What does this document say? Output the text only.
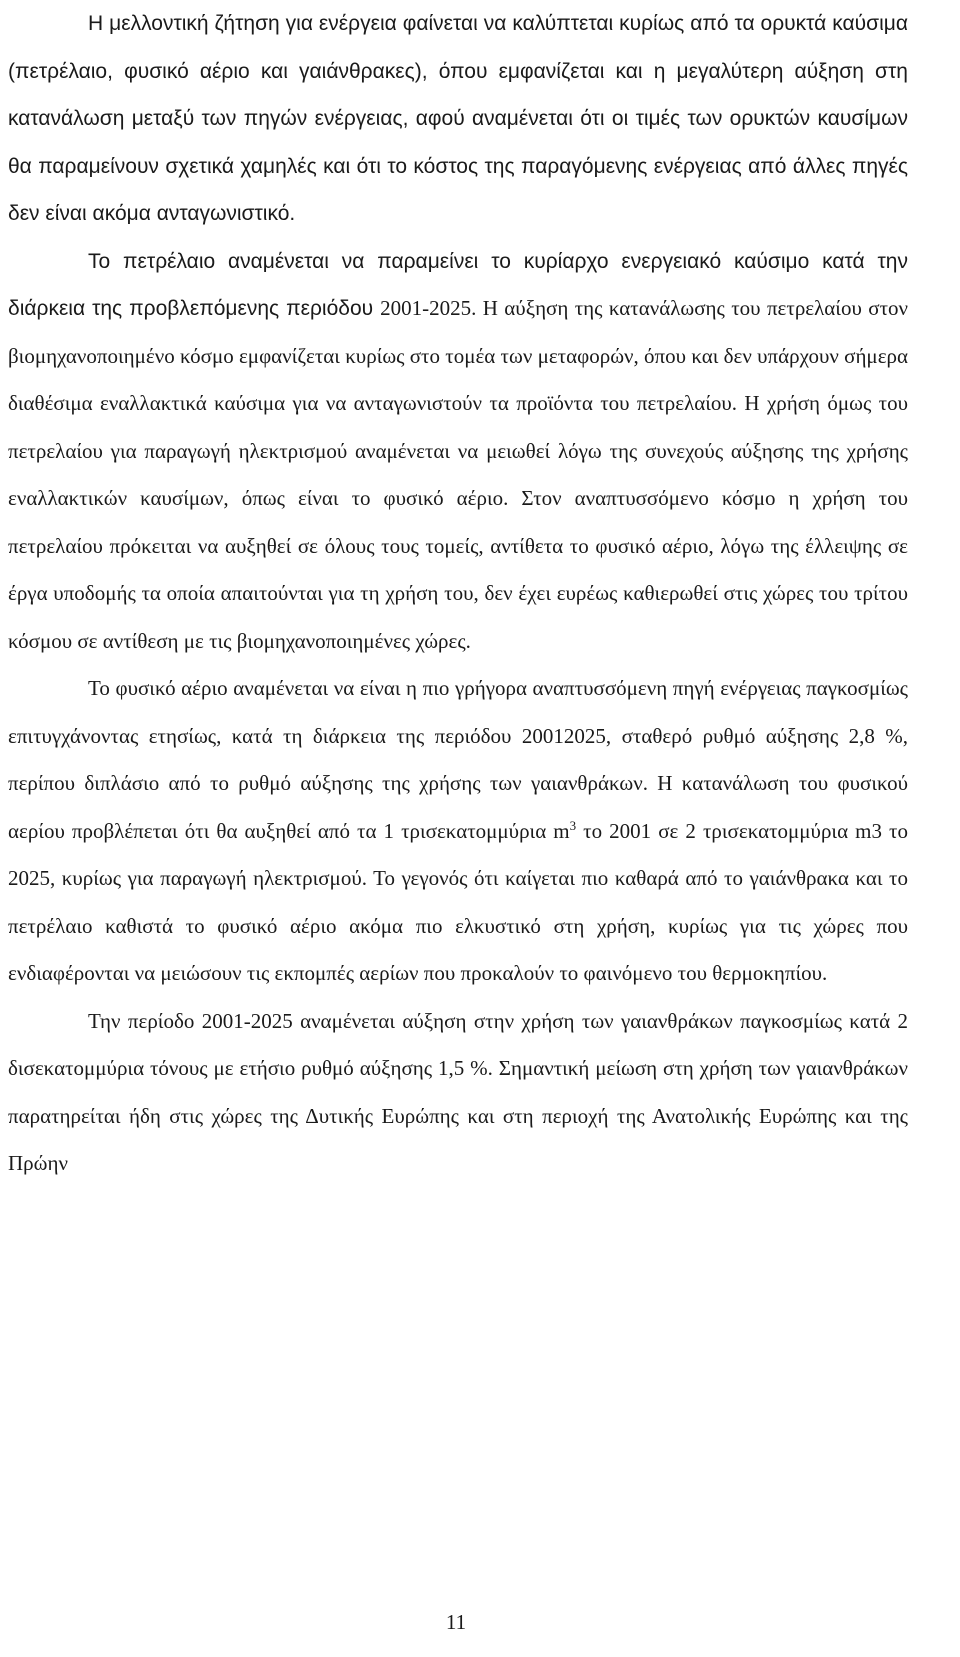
Η μελλοντική ζήτηση για ενέργεια φαίνεται να καλύπτεται κυρίως από τα ορυκτά καύσιμα (πετρέλαιο, φυσικό αέριο και γαιάνθρακες), όπου εμφανίζεται και η μεγαλύτερη αύξηση στη κατανάλωση μεταξύ των πηγών ενέργειας, αφού αναμένεται ότι οι τιμές των ορυκτών καυσίμων θα παραμείνουν σχετικά χαμηλές και ότι το κόστος της παραγόμενης ενέργειας από άλλες πηγές δεν είναι ακόμα ανταγωνιστικό.

Το πετρέλαιο αναμένεται να παραμείνει το κυρίαρχο ενεργειακό καύσιμο κατά την διάρκεια της προβλεπόμενης περιόδου 2001-2025. Η αύξηση της κατανάλωσης του πετρελαίου στον βιομηχανοποιημένο κόσμο εμφανίζεται κυρίως στο τομέα των μεταφορών, όπου και δεν υπάρχουν σήμερα διαθέσιμα εναλλακτικά καύσιμα για να ανταγωνιστούν τα προϊόντα του πετρελαίου. Η χρήση όμως του πετρελαίου για παραγωγή ηλεκτρισμού αναμένεται να μειωθεί λόγω της συνεχούς αύξησης της χρήσης εναλλακτικών καυσίμων, όπως είναι το φυσικό αέριο. Στον αναπτυσσόμενο κόσμο η χρήση του πετρελαίου πρόκειται να αυξηθεί σε όλους τους τομείς, αντίθετα το φυσικό αέριο, λόγω της έλλειψης σε έργα υποδομής τα οποία απαιτούνται για τη χρήση του, δεν έχει ευρέως καθιερωθεί στις χώρες του τρίτου κόσμου σε αντίθεση με τις βιομηχανοποιημένες χώρες.

Το φυσικό αέριο αναμένεται να είναι η πιο γρήγορα αναπτυσσόμενη πηγή ενέργειας παγκοσμίως επιτυγχάνοντας ετησίως, κατά τη διάρκεια της περιόδου 20012025, σταθερό ρυθμό αύξησης 2,8 %, περίπου διπλάσιο από το ρυθμό αύξησης της χρήσης των γαιανθράκων. Η κατανάλωση του φυσικού αερίου προβλέπεται ότι θα αυξηθεί από τα 1 τρισεκατομμύρια $m^3$ το 2001 σε 2 τρισεκατομμύρια m3 το 2025, κυρίως για παραγωγή ηλεκτρισμού. Το γεγονός ότι καίγεται πιο καθαρά από το γαιάνθρακα και το πετρέλαιο καθιστά το φυσικό αέριο ακόμα πιο ελκυστικό στη χρήση, κυρίως για τις χώρες που ενδιαφέρονται να μειώσουν τις εκπομπές αερίων που προκαλούν το φαινόμενο του θερμοκηπίου.

Την περίοδο 2001-2025 αναμένεται αύξηση στην χρήση των γαιανθράκων παγκοσμίως κατά 2 δισεκατομμύρια τόνους με ετήσιο ρυθμό αύξησης 1,5 %. Σημαντική μείωση στη χρήση των γαιανθράκων παρατηρείται ήδη στις χώρες της Δυτικής Ευρώπης και στη περιοχή της Ανατολικής Ευρώπης και της Πρώην

11
